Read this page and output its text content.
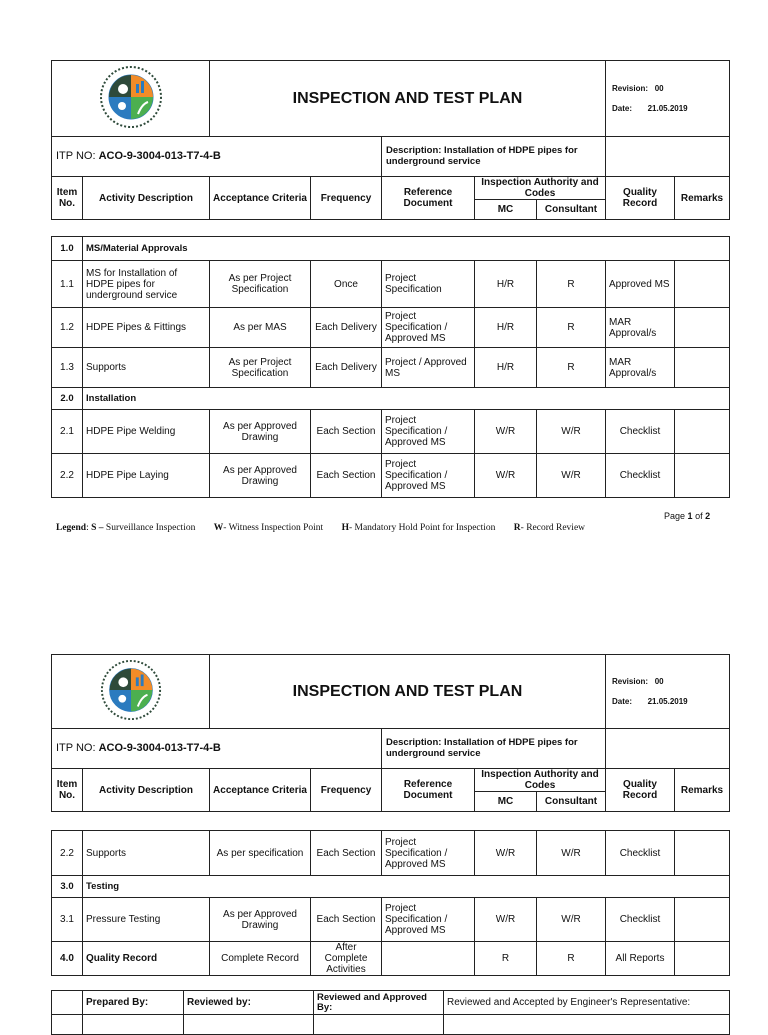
	INSPECTION AND TEST PLAN					Revision: 00
Date: 21.05.2019	

ITP NO: ACO-9-3004-013-T7-4-B				Description: Installation of HDPE pipes for underground service				
Item No.	Activity Description	Acceptance Criteria	Frequency	Reference Document	Inspection Authority and Codes		Quality Record	Remarks
					MC	Consultant		
1.0	MS/Material Approvals							
1.1	MS for Installation of HDPE pipes for underground service	As per Project Specification	Once	Project Specification	H/R	R	Approved MS	
1.2	HDPE Pipes & Fittings	As per MAS	Each Delivery	Project Specification / Approved MS	H/R	R	MAR Approval/s	
1.3	Supports	As per Project Specification	Each Delivery	Project / Approved MS	H/R	R	MAR Approval/s	
2.0	Installation							
2.1	HDPE Pipe Welding	As per Approved Drawing	Each Section	Project Specification / Approved MS	W/R	W/R	Checklist	
2.2	HDPE Pipe Laying	As per Approved Drawing	Each Section	Project Specification / Approved MS	W/R	W/R	Checklist	
Page 1 of 2
Legend: S – Surveillance Inspection W- Witness Inspection Point H- Mandatory Hold Point for Inspection R- Record Review
	INSPECTION AND TEST PLAN					Revision: 00
Date: 21.05.2019	

ITP NO: ACO-9-3004-013-T7-4-B				Description: Installation of HDPE pipes for underground service				
Item No.	Activity Description	Acceptance Criteria	Frequency	Reference Document	Inspection Authority and Codes		Quality Record	Remarks
					MC	Consultant		
2.2	Supports	As per specification	Each Section	Project Specification / Approved MS	W/R	W/R	Checklist	
3.0	Testing							
3.1	Pressure Testing	As per Approved Drawing	Each Section	Project Specification / Approved MS	W/R	W/R	Checklist	
4.0	Quality Record	Complete Record	After Complete Activities		R	R	All Reports	
	Prepared By:	Reviewed by:	Reviewed and Approved By:	Reviewed and Accepted by Engineer's Representative:
